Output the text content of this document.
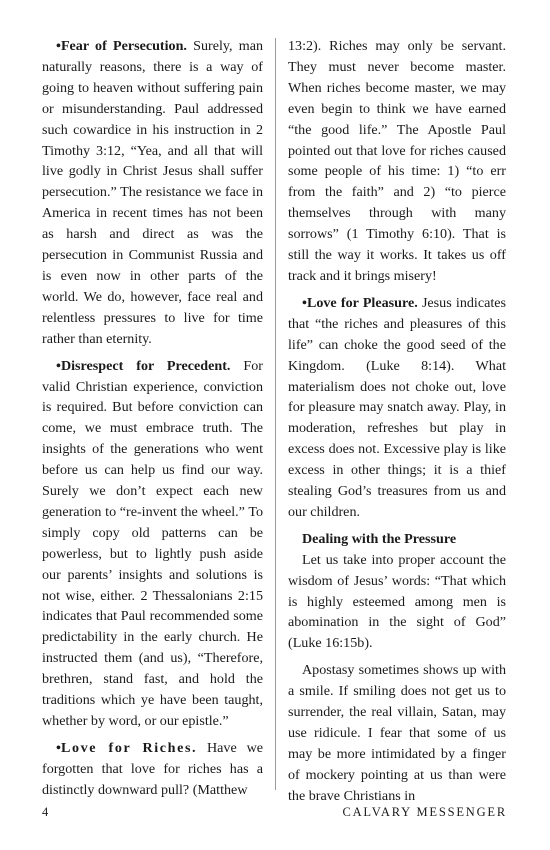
•Fear of Persecution. Surely, man naturally reasons, there is a way of going to heaven without suffering pain or misunderstanding. Paul addressed such cowardice in his instruction in 2 Timothy 3:12, “Yea, and all that will live godly in Christ Jesus shall suffer persecution.” The resistance we face in America in recent times has not been as harsh and direct as was the persecution in Communist Russia and is even now in other parts of the world. We do, however, face real and relentless pressures to live for time rather than eternity.

•Disrespect for Precedent. For valid Christian experience, conviction is required. But before conviction can come, we must embrace truth. The insights of the generations who went before us can help us find our way. Surely we don’t expect each new generation to “re-invent the wheel.” To simply copy old patterns can be powerless, but to lightly push aside our parents’ insights and solutions is not wise, either. 2 Thessalonians 2:15 indicates that Paul recommended some predictability in the early church. He instructed them (and us), “Therefore, brethren, stand fast, and hold the traditions which ye have been taught, whether by word, or our epistle.”

•Love for Riches. Have we forgotten that love for riches has a distinctly downward pull? (Matthew

13:2). Riches may only be servant. They must never become master. When riches become master, we may even begin to think we have earned “the good life.” The Apostle Paul pointed out that love for riches caused some people of his time: 1) “to err from the faith” and 2) “to pierce themselves through with many sorrows” (1 Timothy 6:10). That is still the way it works. It takes us off track and it brings misery!

•Love for Pleasure. Jesus indicates that “the riches and pleasures of this life” can choke the good seed of the Kingdom. (Luke 8:14). What materialism does not choke out, love for pleasure may snatch away. Play, in moderation, refreshes but play in excess does not. Excessive play is like excess in other things; it is a thief stealing God’s treasures from us and our children.

Dealing with the Pressure

Let us take into proper account the wisdom of Jesus’ words: “That which is highly esteemed among men is abomination in the sight of God” (Luke 16:15b).

Apostasy sometimes shows up with a smile. If smiling does not get us to surrender, the real villain, Satan, may use ridicule. I fear that some of us may be more intimidated by a finger of mockery pointing at us than were the brave Christians in

4	CALVARY MESSENGER
